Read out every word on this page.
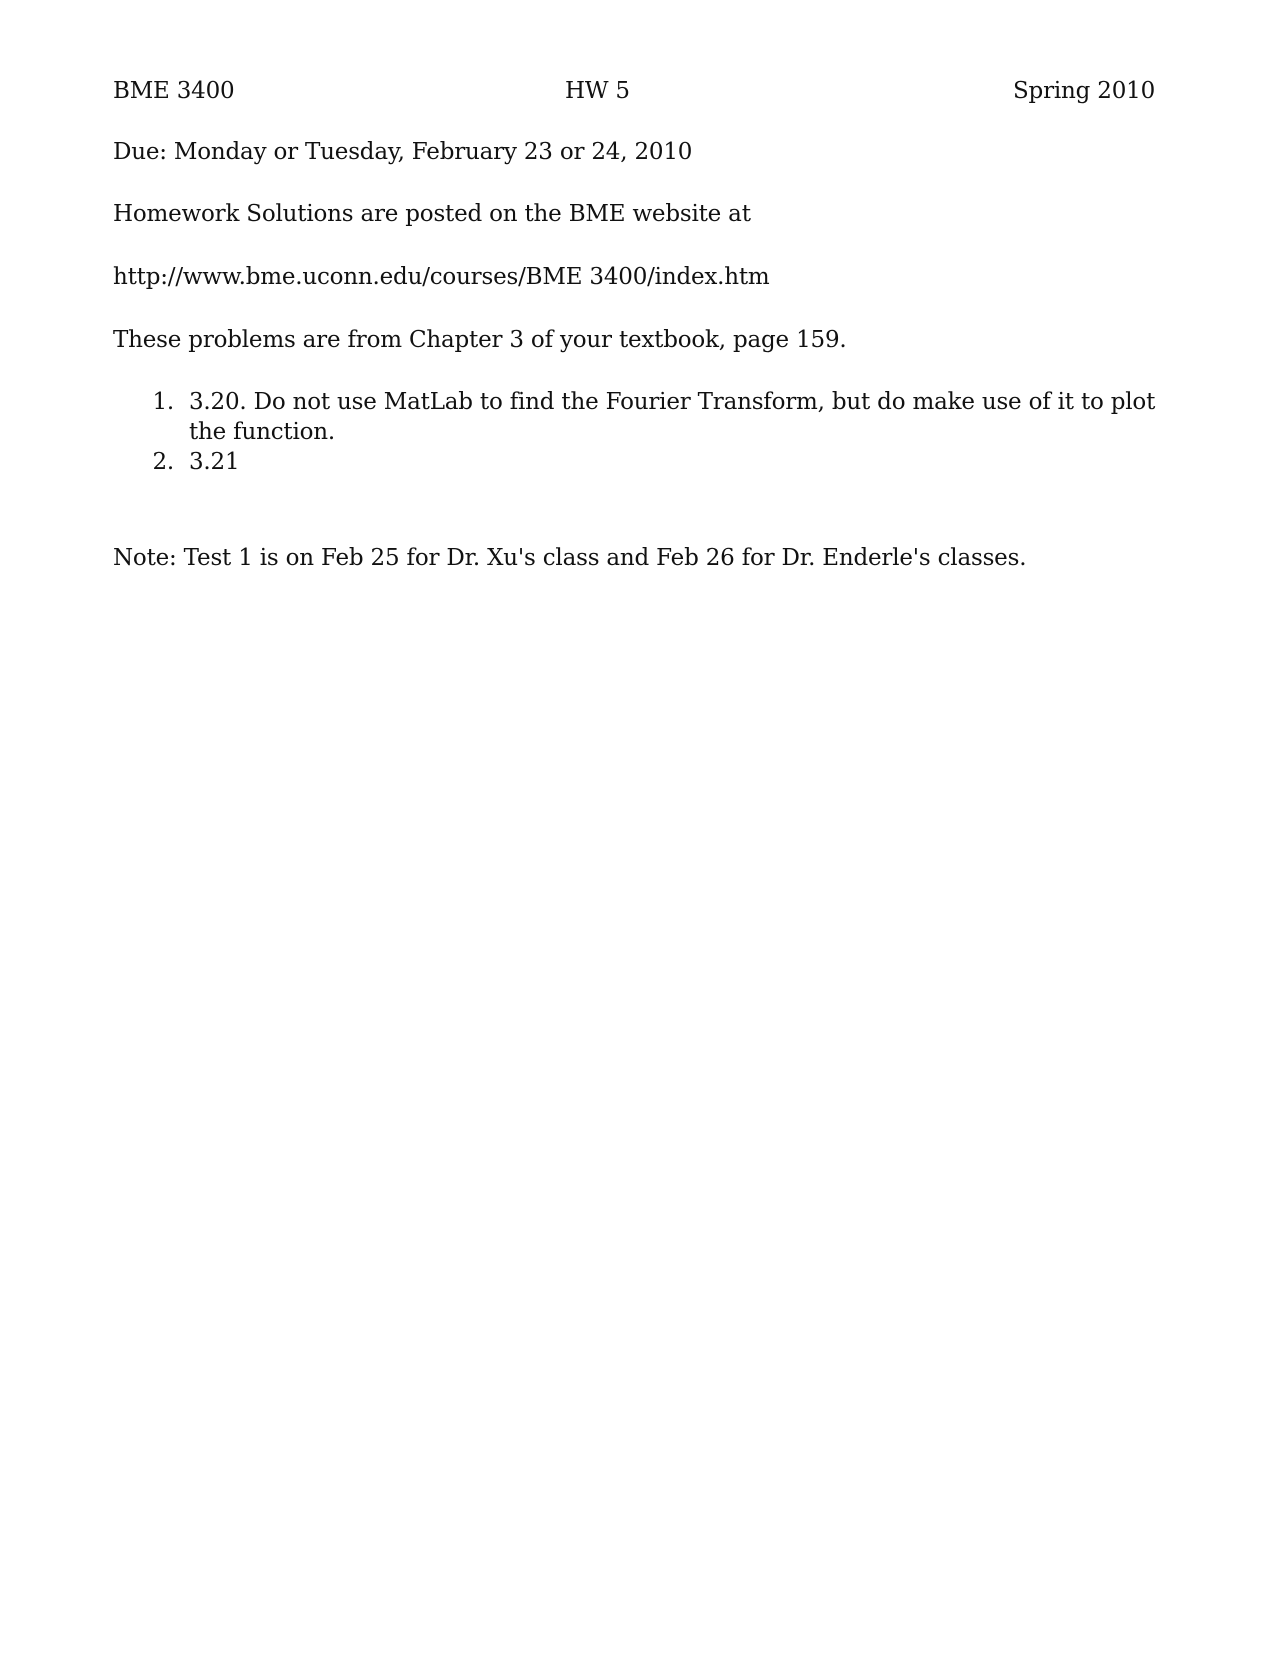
BME 3400	HW 5	Spring 2010
Due: Monday or Tuesday, February 23 or 24, 2010
Homework Solutions are posted on the BME website at
http://www.bme.uconn.edu/courses/BME 3400/index.htm
These problems are from Chapter 3 of your textbook, page 159.
1. 3.20. Do not use MatLab to find the Fourier Transform, but do make use of it to plot the function.
2. 3.21
Note: Test 1 is on Feb 25 for Dr. Xu's class and Feb 26 for Dr. Enderle's classes.
